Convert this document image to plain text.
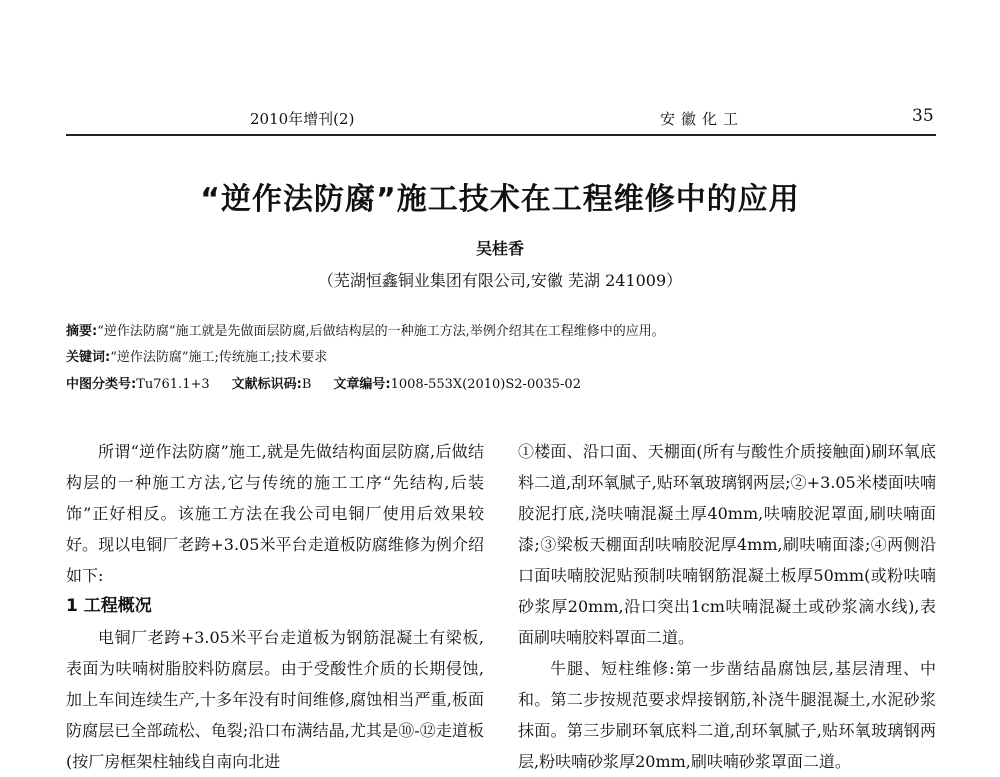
2010年增刊(2)	安徽化工	35
“逆作法防腐”施工技术在工程维修中的应用
吴桂香
（芜湖恒鑫铜业集团有限公司,安徽 芜湖 241009）
摘要:“逆作法防腐”施工就是先做面层防腐,后做结构层的一种施工方法,举例介绍其在工程维修中的应用。
关键词:“逆作法防腐”施工;传统施工;技术要求
中图分类号:Tu761.1+3 文献标识码:B 文章编号:1008-553X(2010)S2-0035-02

所谓“逆作法防腐”施工,就是先做结构面层防腐,后做结构层的一种施工方法,它与传统的施工工序“先结构,后装饰”正好相反。该施工方法在我公司电铜厂使用后效果较好。现以电铜厂老跨+3.05米平台走道板防腐维修为例介绍如下:

1 工程概况

电铜厂老跨+3.05米平台走道板为钢筋混凝土有梁板,表面为呋喃树脂胶料防腐层。由于受酸性介质的长期侵蚀,加上车间连续生产,十多年没有时间维修,腐蚀相当严重,板面防腐层已全部疏松、龟裂;沿口布满结晶,尤其是⑩-⑫走道板(按厂房框架柱轴线自南向北进

①楼面、沿口面、天棚面(所有与酸性介质接触面)刷环氧底料二道,刮环氧腻子,贴环氧玻璃钢两层;②+3.05米楼面呋喃胶泥打底,浇呋喃混凝土厚40mm,呋喃胶泥罩面,刷呋喃面漆;③梁板天棚面刮呋喃胶泥厚4mm,刷呋喃面漆;④两侧沿口面呋喃胶泥贴预制呋喃钢筋混凝土板厚50mm(或粉呋喃砂浆厚20mm,沿口突出1cm呋喃混凝土或砂浆滴水线),表面刷呋喃胶料罩面二道。

牛腿、短柱维修:第一步凿结晶腐蚀层,基层清理、中和。第二步按规范要求焊接钢筋,补浇牛腿混凝土,水泥砂浆抹面。第三步刷环氧底料二道,刮环氧腻子,贴环氧玻璃钢两层,粉呋喃砂浆厚20mm,刷呋喃砂浆罩面二道。
